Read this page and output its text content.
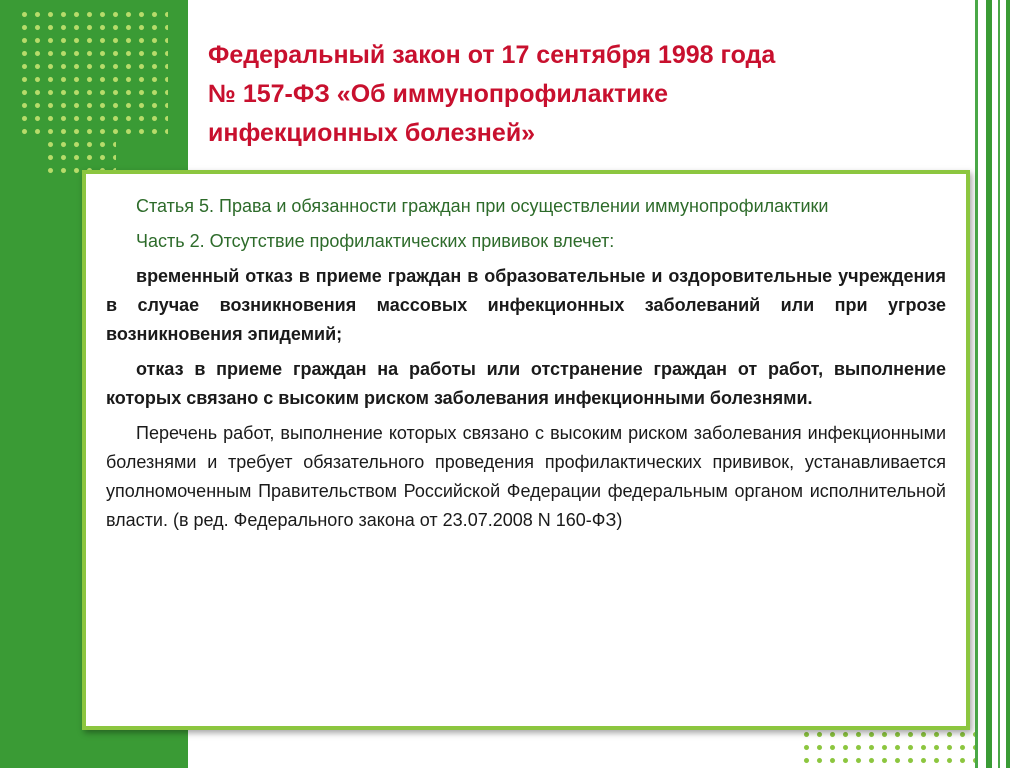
Федеральный закон от 17 сентября 1998 года
№ 157-ФЗ «Об иммунопрофилактике
инфекционных болезней»

Статья 5. Права и обязанности граждан при осуществлении иммунопрофилактики

Часть 2. Отсутствие профилактических прививок влечет:

временный отказ в приеме граждан в образовательные и оздоровительные учреждения в случае возникновения массовых инфекционных заболеваний или при угрозе возникновения эпидемий;

отказ в приеме граждан на работы или отстранение граждан от работ, выполнение которых связано с высоким риском заболевания инфекционными болезнями.

Перечень работ, выполнение которых связано с высоким риском заболевания инфекционными болезнями и требует обязательного проведения профилактических прививок, устанавливается уполномоченным Правительством Российской Федерации федеральным органом исполнительной власти. (в ред. Федерального закона от 23.07.2008 N 160-ФЗ)
